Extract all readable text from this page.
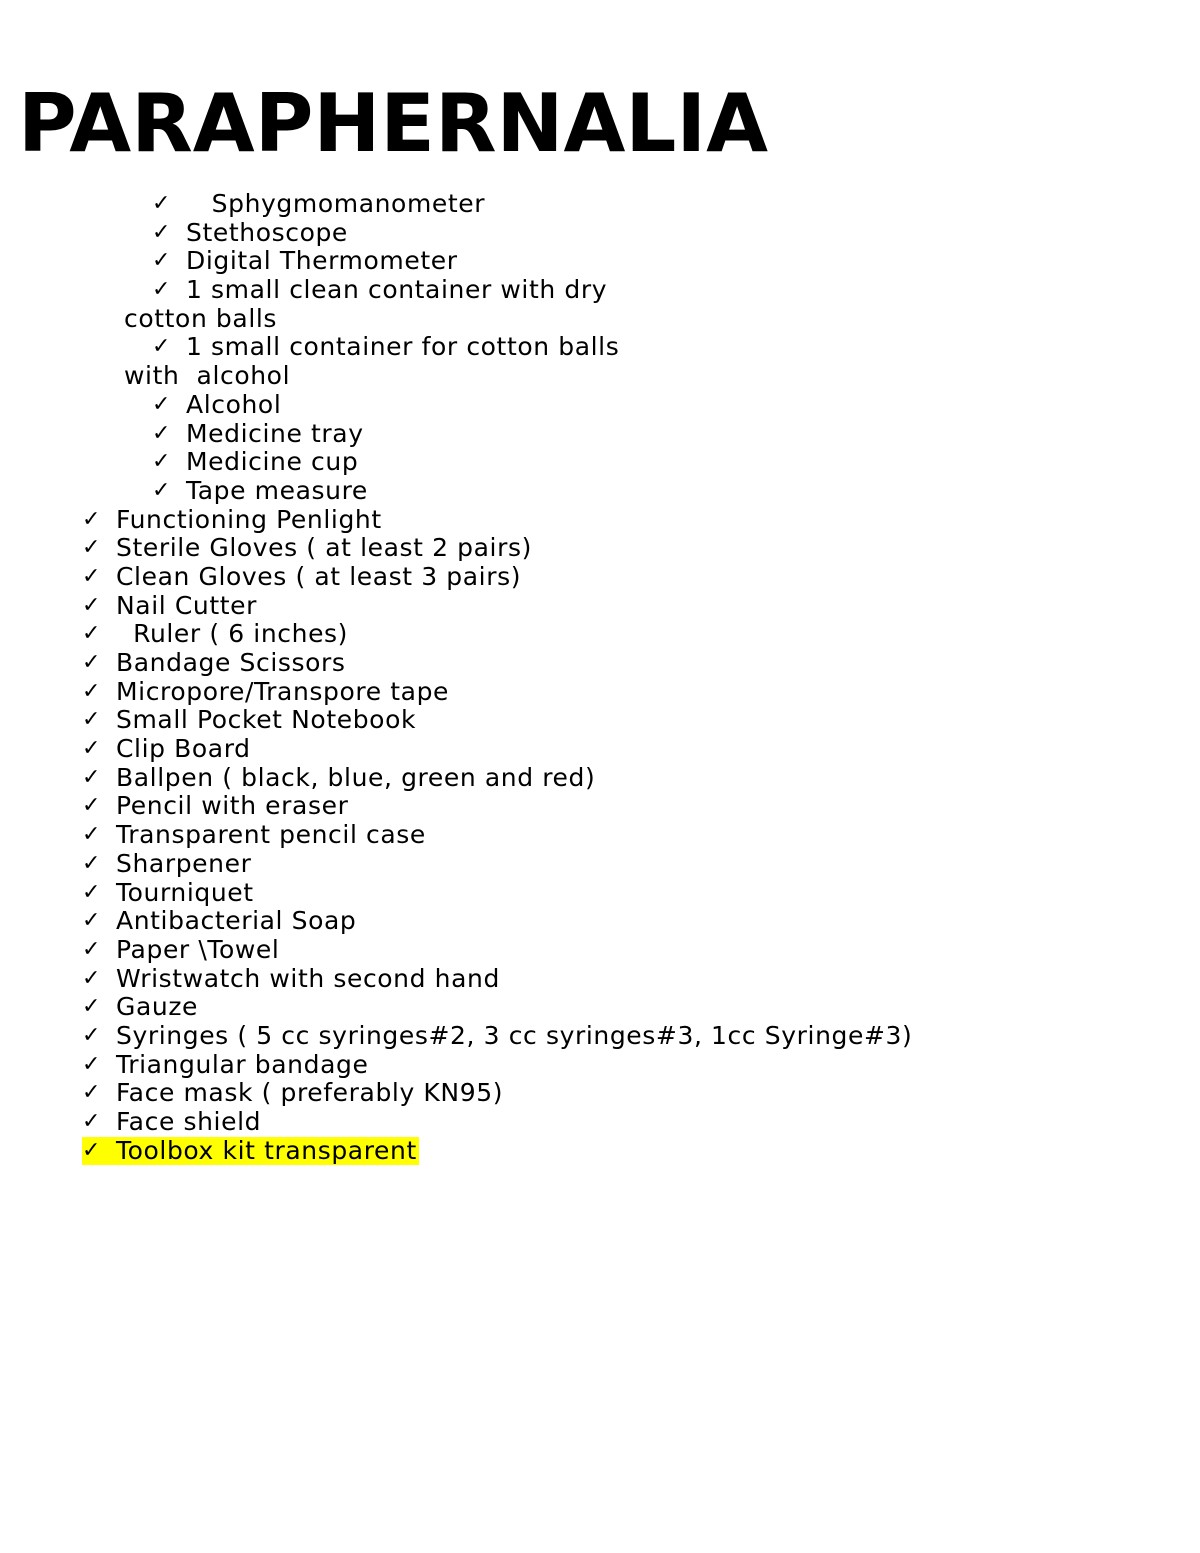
PARAPHERNALIA
✓   Sphygmomanometer
✓ Stethoscope
✓ Digital Thermometer
✓ 1 small clean container with dry
cotton balls
✓ 1 small container for cotton balls
with  alcohol
✓ Alcohol
✓ Medicine tray
✓ Medicine cup
✓ Tape measure
✓ Functioning Penlight
✓ Sterile Gloves ( at least 2 pairs)
✓ Clean Gloves ( at least 3 pairs)
✓ Nail Cutter
✓  Ruler ( 6 inches)
✓ Bandage Scissors
✓ Micropore/Transpore tape
✓ Small Pocket Notebook
✓ Clip Board
✓ Ballpen ( black, blue, green and red)
✓ Pencil with eraser
✓ Transparent pencil case
✓ Sharpener
✓ Tourniquet
✓ Antibacterial Soap
✓ Paper \Towel
✓ Wristwatch with second hand
✓ Gauze
✓ Syringes ( 5 cc syringes#2, 3 cc syringes#3, 1cc Syringe#3)
✓ Triangular bandage
✓ Face mask ( preferably KN95)
✓ Face shield
✓ Toolbox kit transparent
